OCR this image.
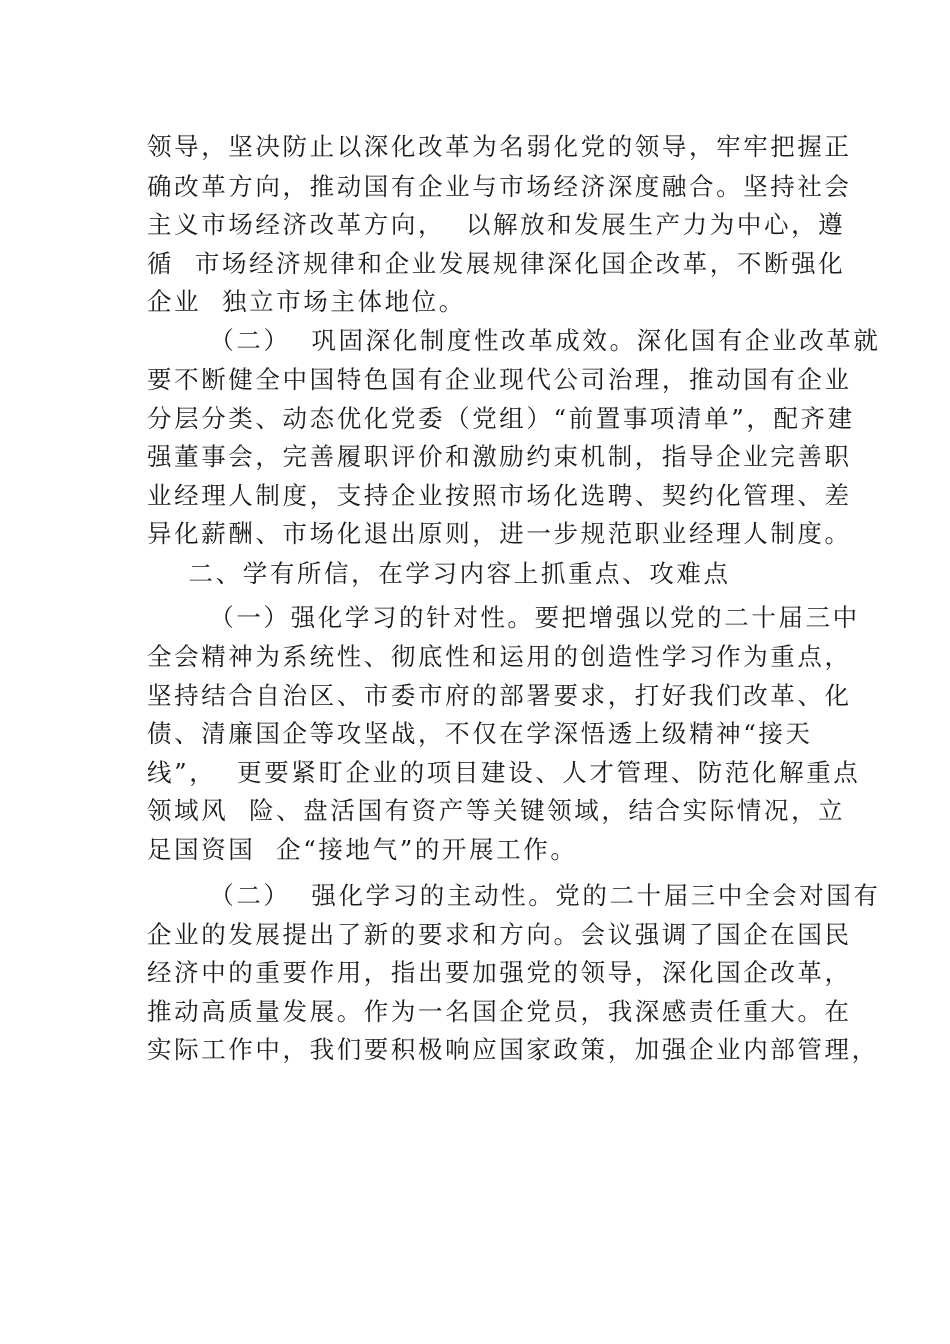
领导，坚决防止以深化改革为名弱化党的领导，牢牢把握正
确改革方向，推动国有企业与市场经济深度融合。坚持社会
主义市场经济改革方向，  以解放和发展生产力为中心，遵
循  市场经济规律和企业发展规律深化国企改革，不断强化
企业  独立市场主体地位。
（二）  巩固深化制度性改革成效。深化国有企业改革就
要不断健全中国特色国有企业现代公司治理，推动国有企业
分层分类、动态优化党委（党组）“前置事项清单”，配齐建
强董事会，完善履职评价和激励约束机制，指导企业完善职
业经理人制度，支持企业按照市场化选聘、契约化管理、差
异化薪酬、市场化退出原则，进一步规范职业经理人制度。
二、学有所信，在学习内容上抓重点、攻难点
（一）强化学习的针对性。要把增强以党的二十届三中
全会精神为系统性、彻底性和运用的创造性学习作为重点，
坚持结合自治区、市委市府的部署要求，打好我们改革、化
债、清廉国企等攻坚战，不仅在学深悟透上级精神“接天
线”，  更要紧盯企业的项目建设、人才管理、防范化解重点
领域风  险、盘活国有资产等关键领域，结合实际情况，立
足国资国  企“接地气”的开展工作。
（二）  强化学习的主动性。党的二十届三中全会对国有
企业的发展提出了新的要求和方向。会议强调了国企在国民
经济中的重要作用，指出要加强党的领导，深化国企改革，
推动高质量发展。作为一名国企党员，我深感责任重大。在
实际工作中，我们要积极响应国家政策，加强企业内部管理，
